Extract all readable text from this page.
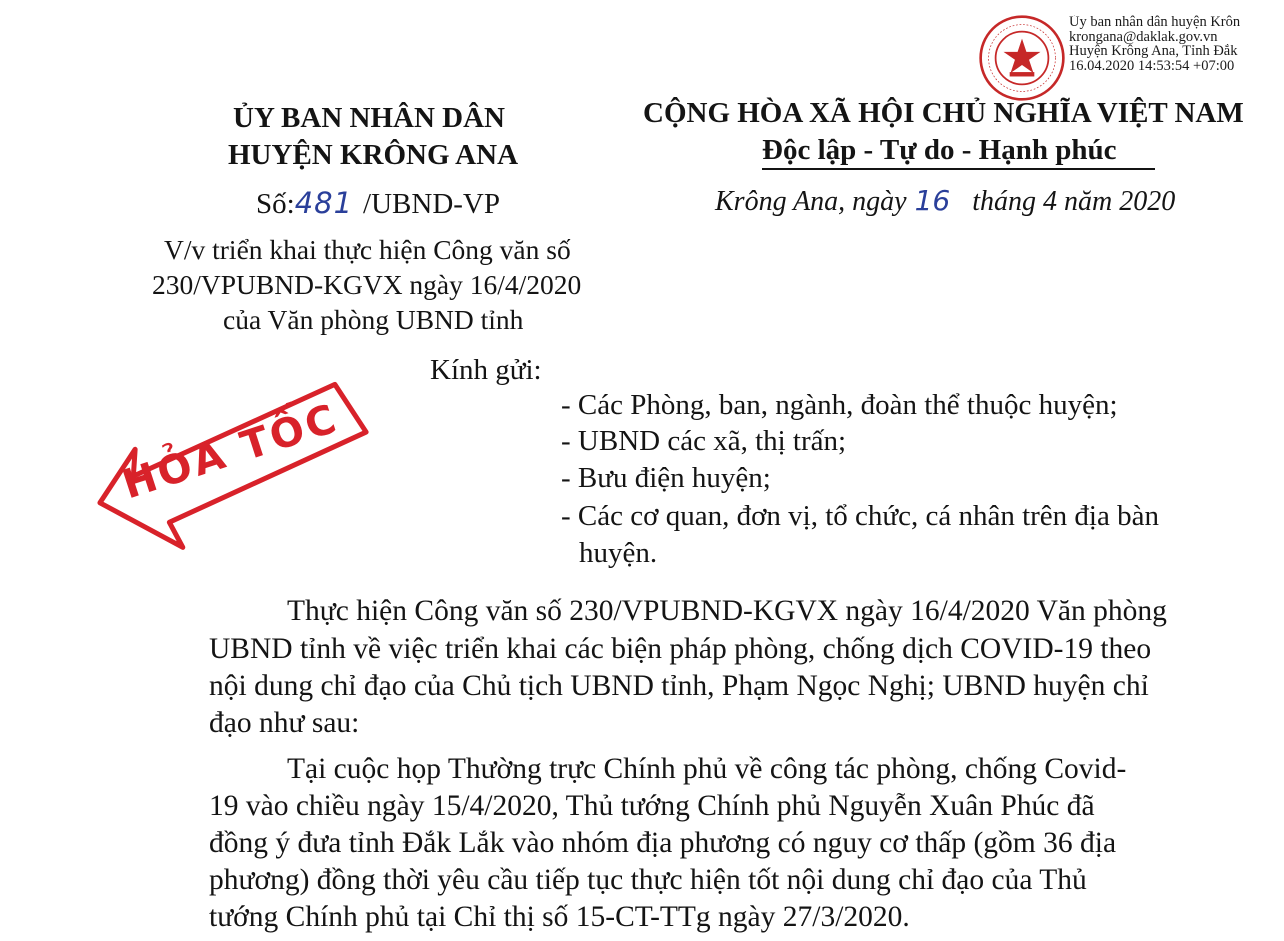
Ủy ban nhân dân huyện Krôn
krongana@daklak.gov.vn
Huyện Krông Ana, Tỉnh Đắk
16.04.2020 14:53:54 +07:00
ỦY BAN NHÂN DÂN
HUYỆN KRÔNG ANA
Số:481 /UBND-VP
CỘNG HÒA XÃ HỘI CHỦ NGHĨA VIỆT NAM
Độc lập - Tự do - Hạnh phúc
Krông Ana, ngày 16 tháng 4 năm 2020
V/v triển khai thực hiện Công văn số
230/VPUBND-KGVX ngày 16/4/2020
của Văn phòng UBND tỉnh
HỎA TỐC
Kính gửi:
- Các Phòng, ban, ngành, đoàn thể thuộc huyện;
- UBND các xã, thị trấn;
- Bưu điện huyện;
- Các cơ quan, đơn vị, tổ chức, cá nhân trên địa bàn
huyện.
Thực hiện Công văn số 230/VPUBND-KGVX ngày 16/4/2020 Văn phòng
UBND tỉnh về việc triển khai các biện pháp phòng, chống dịch COVID-19 theo
nội dung chỉ đạo của Chủ tịch UBND tỉnh, Phạm Ngọc Nghị; UBND huyện chỉ
đạo như sau:
Tại cuộc họp Thường trực Chính phủ về công tác phòng, chống Covid-
19 vào chiều ngày 15/4/2020, Thủ tướng Chính phủ Nguyễn Xuân Phúc đã
đồng ý đưa tỉnh Đắk Lắk vào nhóm địa phương có nguy cơ thấp (gồm 36 địa
phương) đồng thời yêu cầu tiếp tục thực hiện tốt nội dung chỉ đạo của Thủ
tướng Chính phủ tại Chỉ thị số 15-CT-TTg ngày 27/3/2020.
